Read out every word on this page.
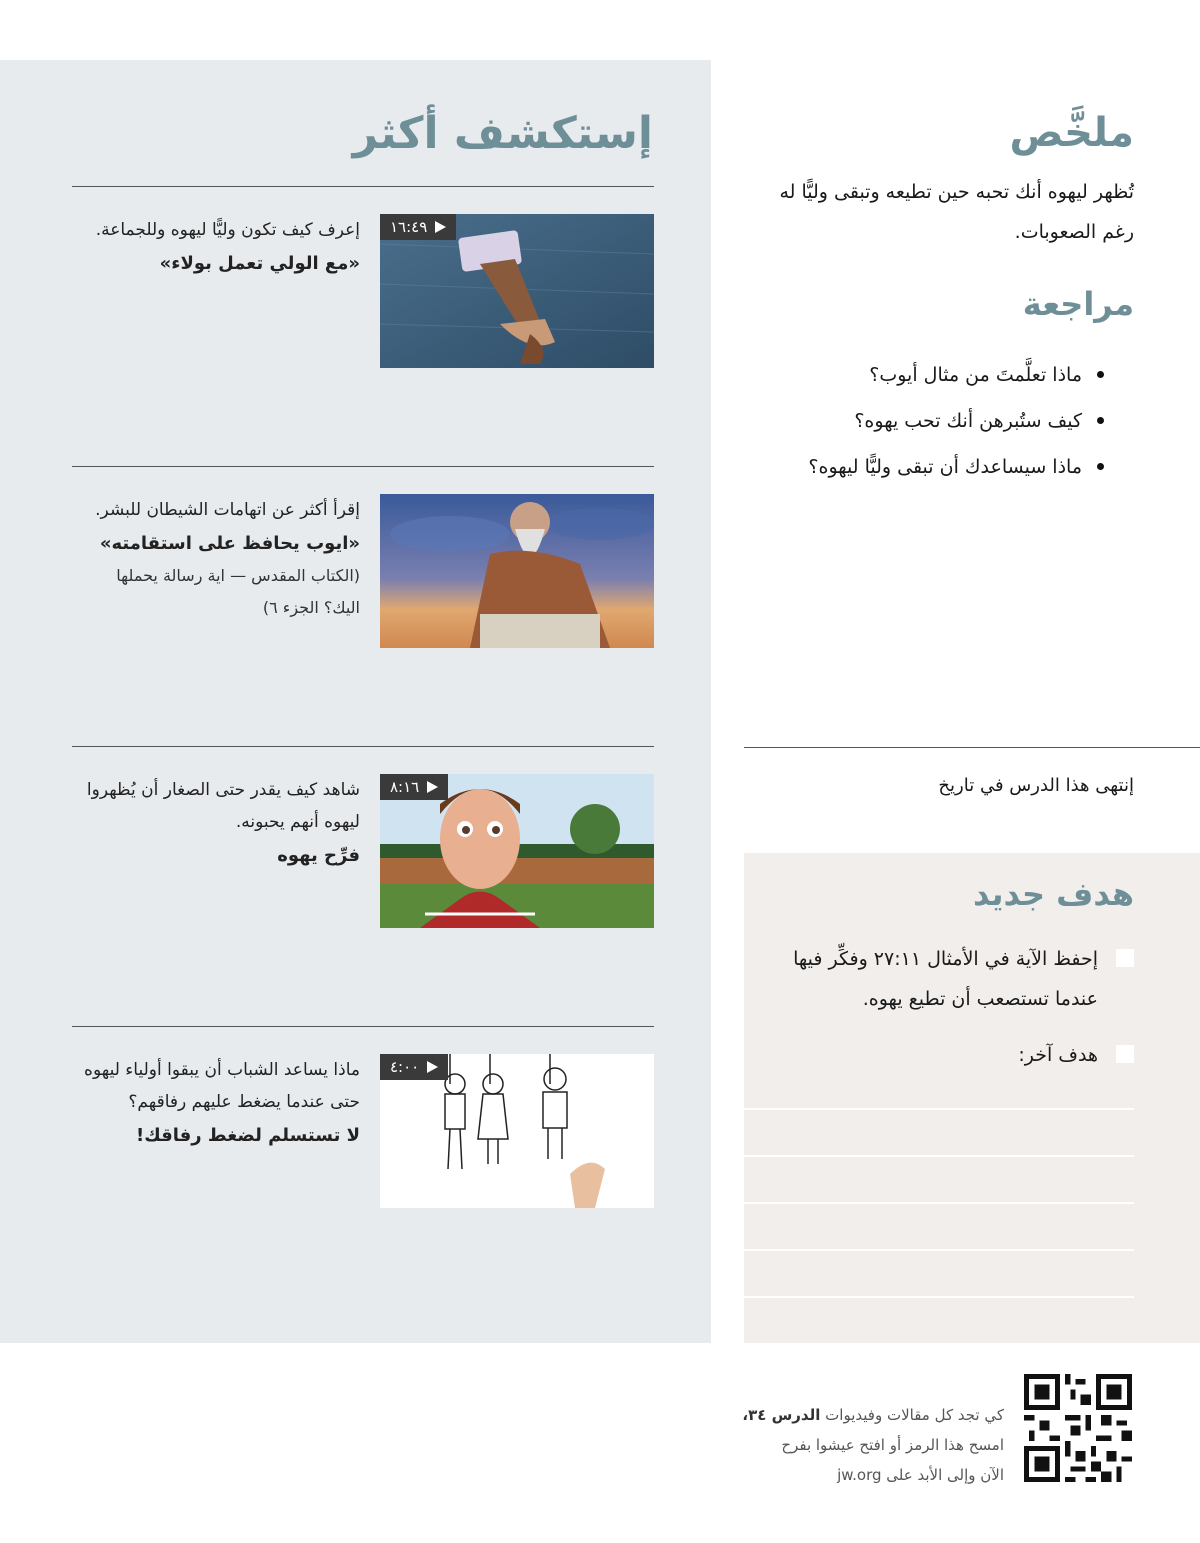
إستكشف أكثر
١٦:٤٩

إعرف كيف تكون وليًّا ليهوه وللجماعة.

«مع الولي تعمل بولاء»

إقرأ أكثر عن اتهامات الشيطان للبشر.

«ايوب يحافظ على استقامته»

(الكتاب المقدس — اية رسالة يحملها اليك؟ الجزء ٦)

٨:١٦

شاهد كيف يقدر حتى الصغار أن يُظهروا ليهوه أنهم يحبونه.

فرِّح يهوه

٤:٠٠

ماذا يساعد الشباب أن يبقوا أولياء ليهوه حتى عندما يضغط عليهم رفاقهم؟

لا تستسلم لضغط رفاقك!

ملخَّص

تُظهر ليهوه أنك تحبه حين تطيعه وتبقى وليًّا له رغم الصعوبات.

مراجعة
ماذا تعلَّمتَ من مثال أيوب؟
كيف ستُبرهن أنك تحب يهوه؟
ماذا سيساعدك أن تبقى وليًّا ليهوه؟

إنتهى هذا الدرس في تاريخ

هدف جديد
إحفظ الآية في الأمثال ٢٧:١١ وفكِّر فيها عندما تستصعب أن تطيع يهوه.
هدف آخر:

كي تجد كل مقالات وفيديوات الدرس ٣٤،

امسح هذا الرمز أو افتح عيشوا بفرح

الآن وإلى الأبد على jw.org
